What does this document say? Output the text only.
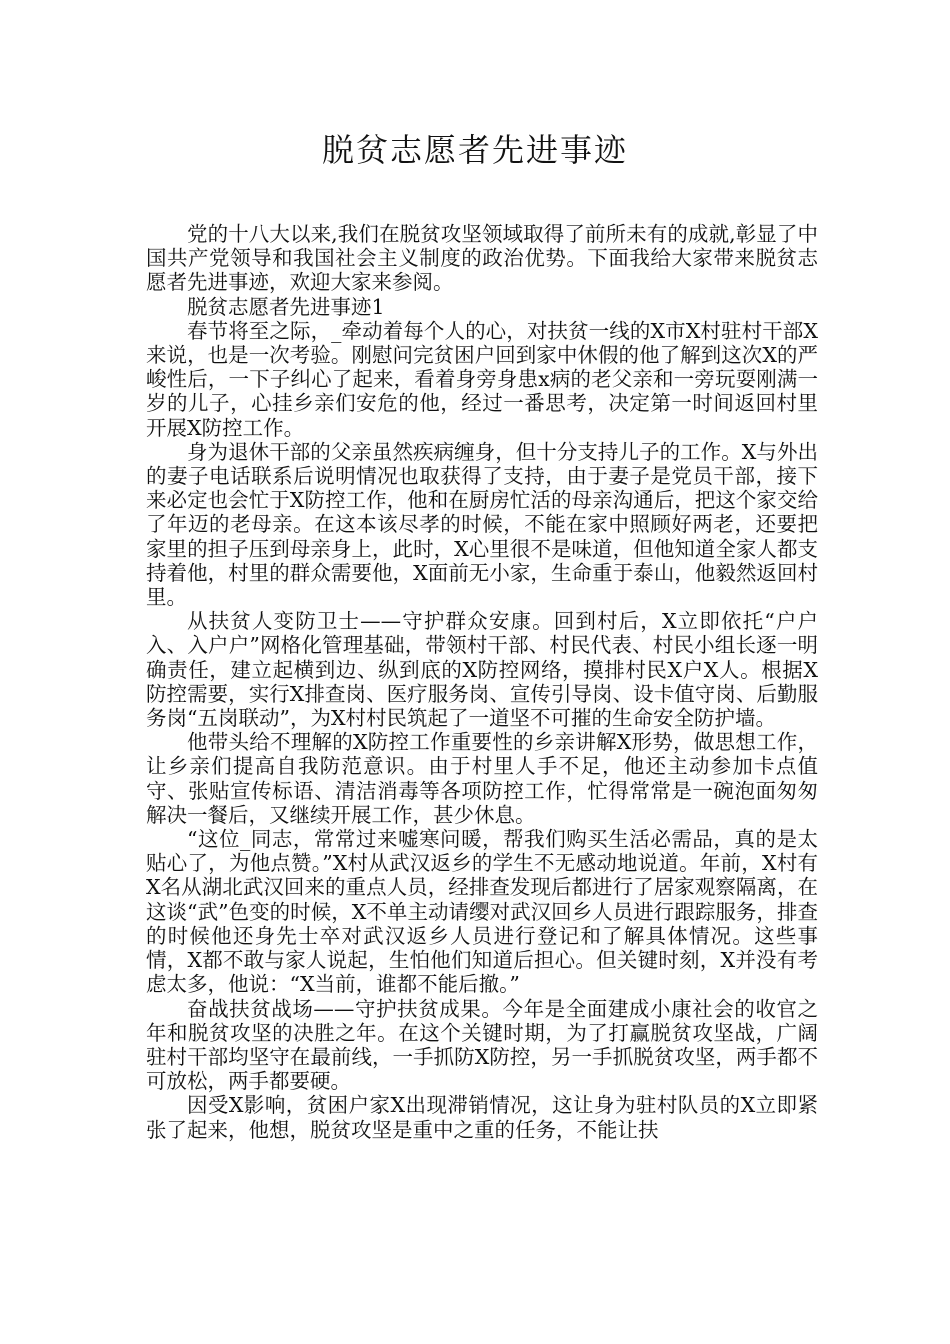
脱贫志愿者先进事迹

党的十八大以来,我们在脱贫攻坚领域取得了前所未有的成就,彰显了中国共产党领导和我国社会主义制度的政治优势。下面我给大家带来脱贫志愿者先进事迹，欢迎大家来参阅。

脱贫志愿者先进事迹1

春节将至之际，_牵动着每个人的心，对扶贫一线的X市X村驻村干部X来说，也是一次考验。刚慰问完贫困户回到家中休假的他了解到这次X的严峻性后，一下子纠心了起来，看着身旁身患x病的老父亲和一旁玩耍刚满一岁的儿子，心挂乡亲们安危的他，经过一番思考，决定第一时间返回村里开展X防控工作。

身为退休干部的父亲虽然疾病缠身，但十分支持儿子的工作。X与外出的妻子电话联系后说明情况也取获得了支持，由于妻子是党员干部，接下来必定也会忙于X防控工作，他和在厨房忙活的母亲沟通后，把这个家交给了年迈的老母亲。在这本该尽孝的时候，不能在家中照顾好两老，还要把家里的担子压到母亲身上，此时，X心里很不是味道，但他知道全家人都支持着他，村里的群众需要他，X面前无小家，生命重于泰山，他毅然返回村里。

从扶贫人变防卫士——守护群众安康。回到村后，X立即依托“户户入、入户户”网格化管理基础，带领村干部、村民代表、村民小组长逐一明确责任，建立起横到边、纵到底的X防控网络，摸排村民X户X人。根据X防控需要，实行X排查岗、医疗服务岗、宣传引导岗、设卡值守岗、后勤服务岗“五岗联动”，为X村村民筑起了一道坚不可摧的生命安全防护墙。

他带头给不理解的X防控工作重要性的乡亲讲解X形势，做思想工作，让乡亲们提高自我防范意识。由于村里人手不足，他还主动参加卡点值守、张贴宣传标语、清洁消毒等各项防控工作，忙得常常是一碗泡面匆匆解决一餐后，又继续开展工作，甚少休息。

“这位_同志，常常过来嘘寒问暖，帮我们购买生活必需品，真的是太贴心了，为他点赞。”X村从武汉返乡的学生不无感动地说道。年前，X村有X名从湖北武汉回来的重点人员，经排查发现后都进行了居家观察隔离，在这谈“武”色变的时候，X不单主动请缨对武汉回乡人员进行跟踪服务，排查的时候他还身先士卒对武汉返乡人员进行登记和了解具体情况。这些事情，X都不敢与家人说起，生怕他们知道后担心。但关键时刻，X并没有考虑太多，他说：“X当前，谁都不能后撤。”

奋战扶贫战场——守护扶贫成果。今年是全面建成小康社会的收官之年和脱贫攻坚的决胜之年。在这个关键时期，为了打赢脱贫攻坚战，广阔驻村干部均坚守在最前线，一手抓防X防控，另一手抓脱贫攻坚，两手都不可放松，两手都要硬。

因受X影响，贫困户家X出现滞销情况，这让身为驻村队员的X立即紧张了起来，他想，脱贫攻坚是重中之重的任务，不能让扶
